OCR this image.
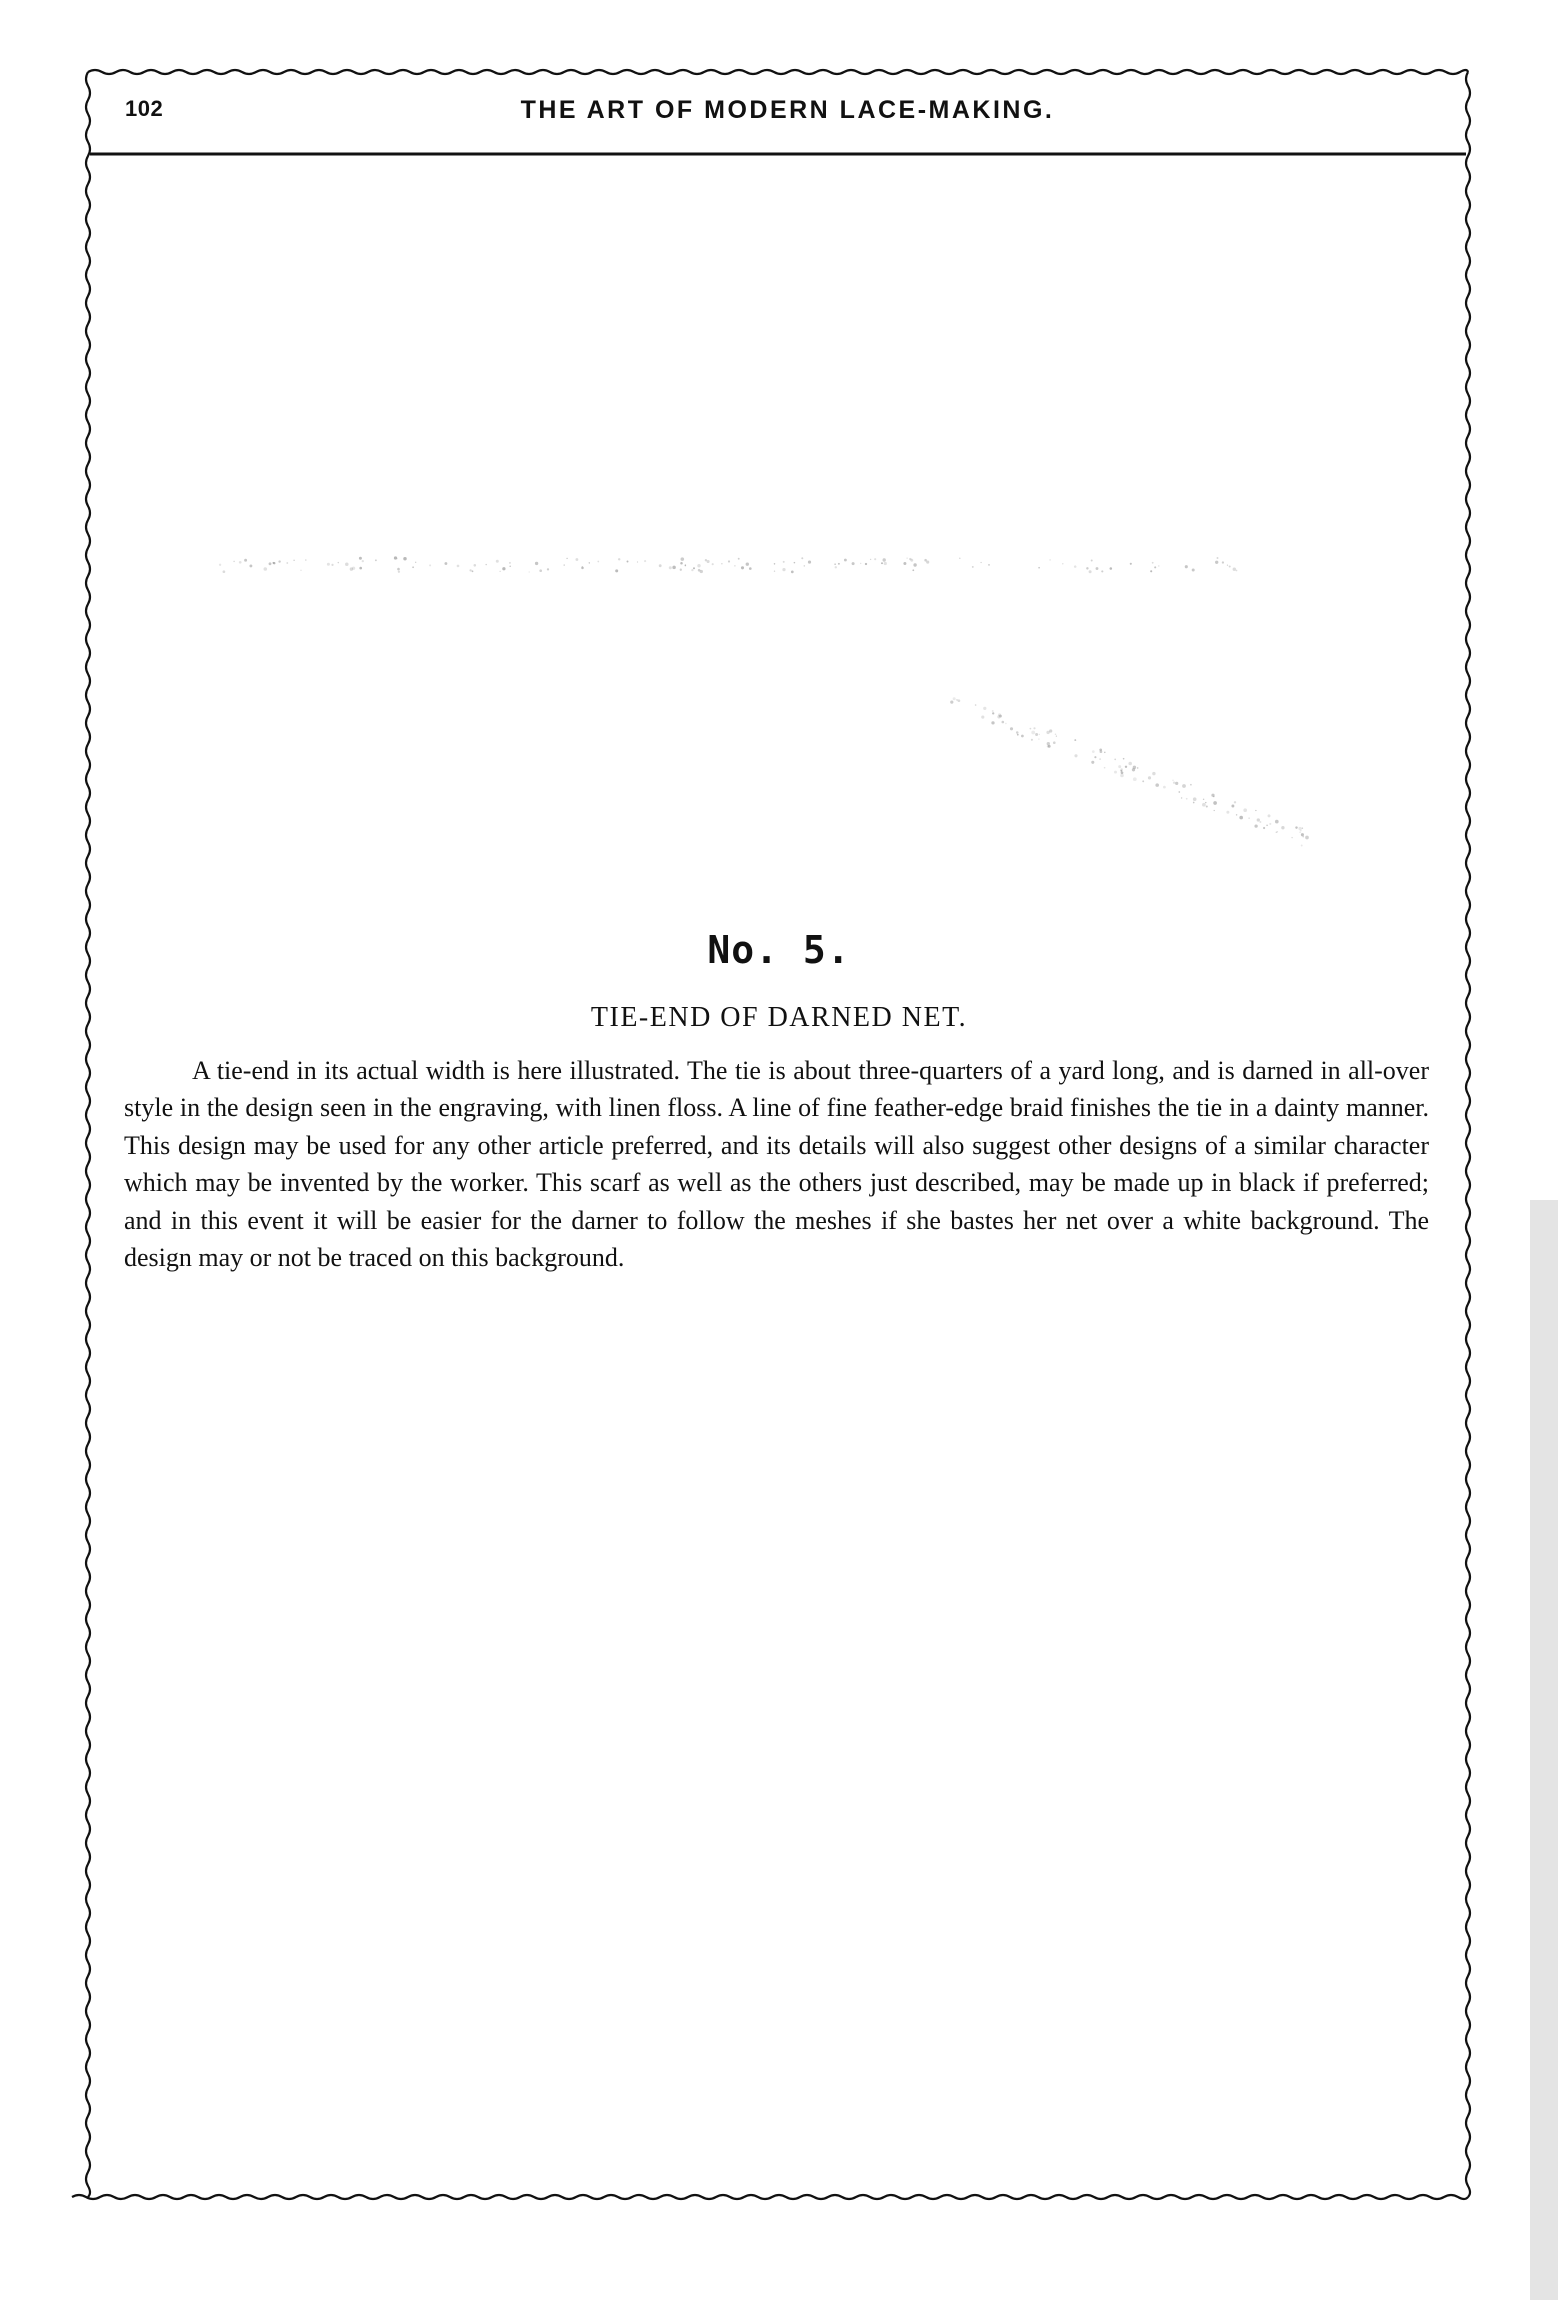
102	THE ART OF MODERN LACE-MAKING.
No. 5.
TIE-END OF DARNED NET.

A tie-end in its actual width is here illustrated. The tie is about three-quarters of a yard long, and is darned in all-over style in the design seen in the engraving, with linen floss. A line of fine feather-edge braid finishes the tie in a dainty manner. This design may be used for any other article preferred, and its details will also suggest other designs of a similar character which may be invented by the worker. This scarf as well as the others just described, may be made up in black if preferred; and in this event it will be easier for the darner to follow the meshes if she bastes her net over a white background. The design may or not be traced on this background.
